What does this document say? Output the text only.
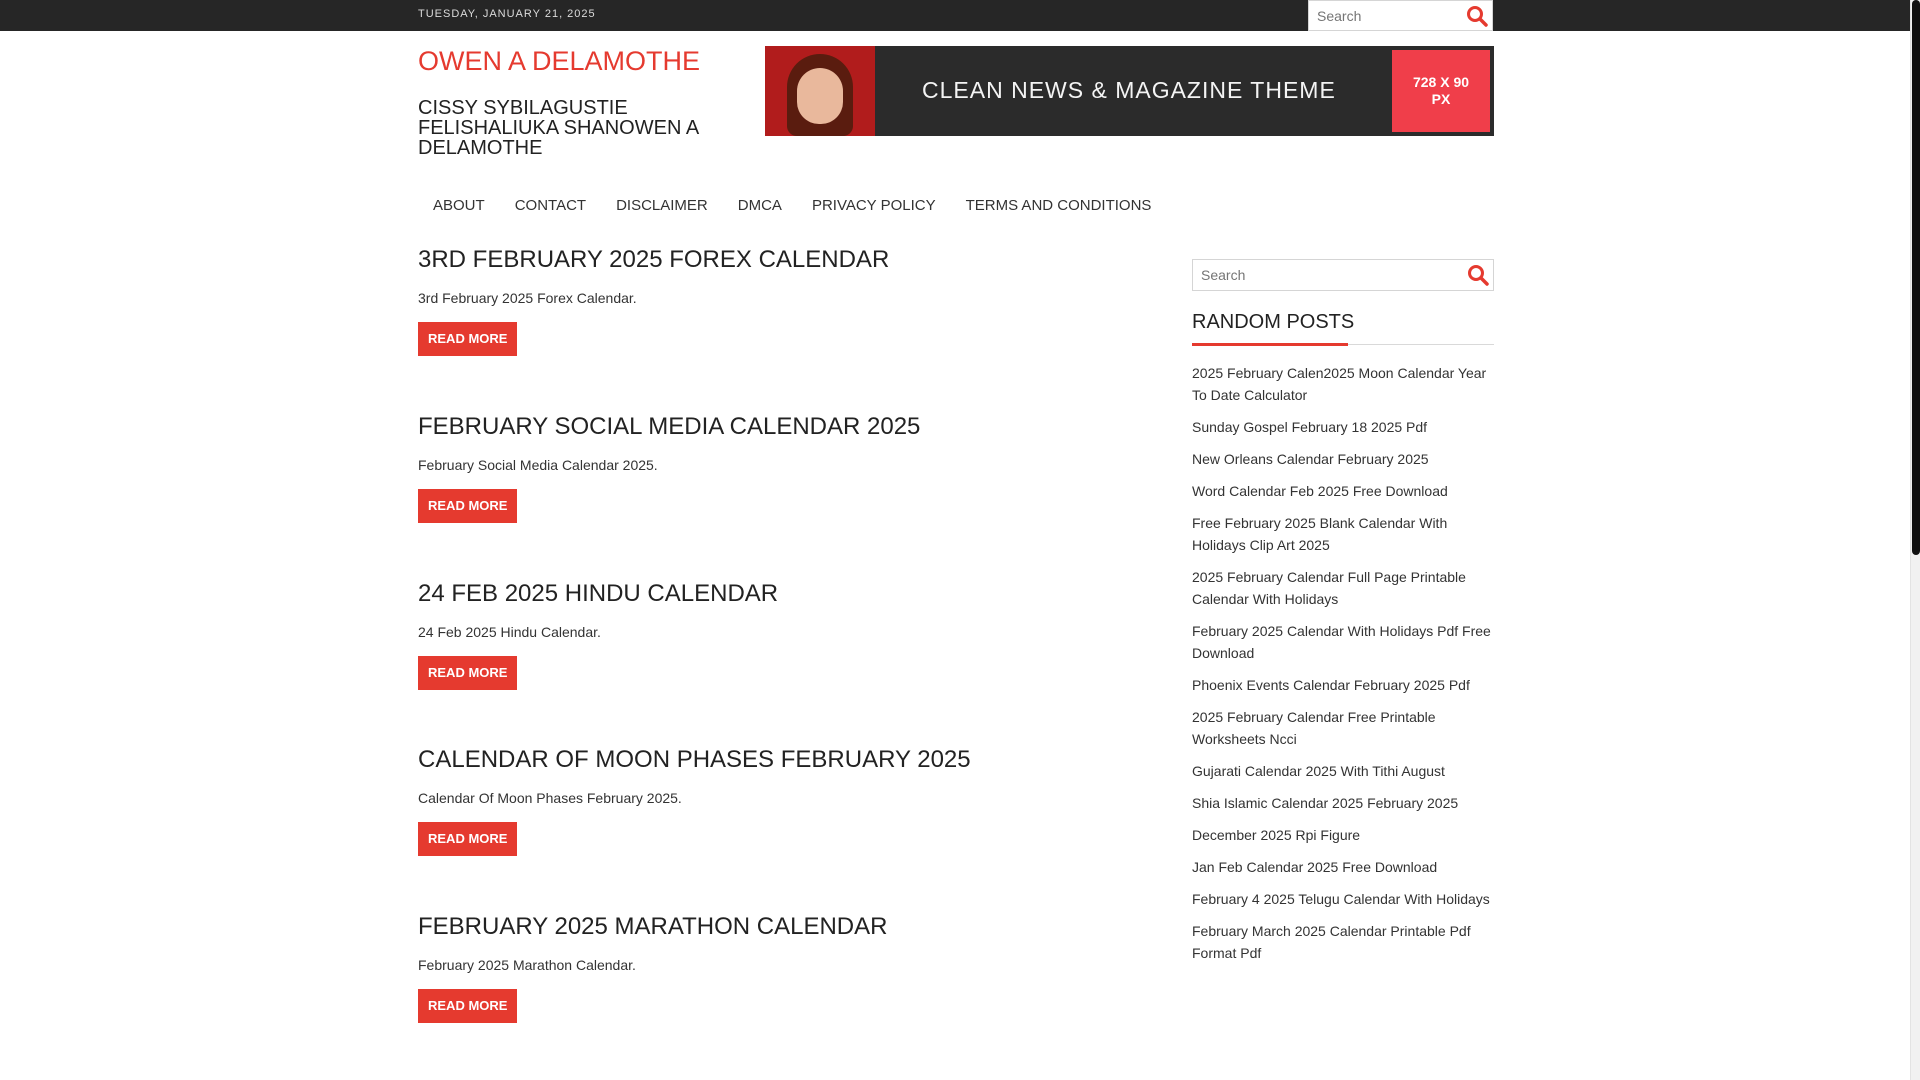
TUESDAY, JANUARY 21, 2025
Search
OWEN A DELAMOTHE
CISSY SYBILAGUSTIE FELISHALIUKA SHANOWEN A DELAMOTHE
CLEAN NEWS & MAGAZINE THEME	728 X 90 PX
ABOUT	CONTACT	DISCLAIMER	DMCA	PRIVACY POLICY	TERMS AND CONDITIONS
3RD FEBRUARY 2025 FOREX CALENDAR

3rd February 2025 Forex Calendar.

READ MORE
FEBRUARY SOCIAL MEDIA CALENDAR 2025

February Social Media Calendar 2025.

READ MORE
24 FEB 2025 HINDU CALENDAR

24 Feb 2025 Hindu Calendar.

READ MORE
CALENDAR OF MOON PHASES FEBRUARY 2025

Calendar Of Moon Phases February 2025.

READ MORE
FEBRUARY 2025 MARATHON CALENDAR

February 2025 Marathon Calendar.

READ MORE
Search
RANDOM POSTS
2025 February Calen2025 Moon Calendar Year To Date Calculator
Sunday Gospel February 18 2025 Pdf
New Orleans Calendar February 2025
Word Calendar Feb 2025 Free Download
Free February 2025 Blank Calendar With Holidays Clip Art 2025
2025 February Calendar Full Page Printable Calendar With Holidays
February 2025 Calendar With Holidays Pdf Free Download
Phoenix Events Calendar February 2025 Pdf
2025 February Calendar Free Printable Worksheets Ncci
Gujarati Calendar 2025 With Tithi August
Shia Islamic Calendar 2025 February 2025
December 2025 Rpi Figure
Jan Feb Calendar 2025 Free Download
February 4 2025 Telugu Calendar With Holidays
February March 2025 Calendar Printable Pdf Format Pdf
